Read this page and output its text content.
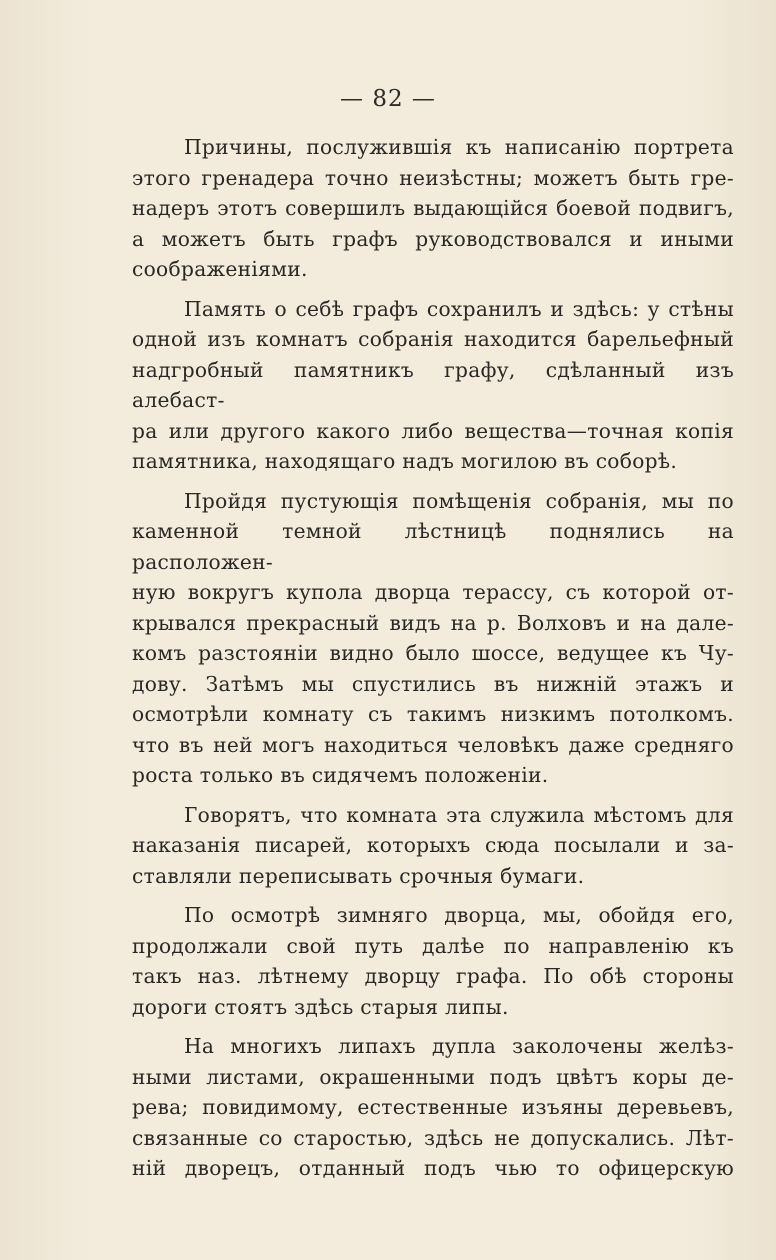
— 82 —

Причины, послужившія къ написанію портрета
этого гренадера точно неизѣстны; можетъ быть гре-
надеръ этотъ совершилъ выдающійся боевой подвигъ,
а можетъ быть графъ руководствовался и иными
соображеніями.

Память о себѣ графъ сохранилъ и здѣсь: у стѣны
одной изъ комнатъ собранія находится барельефный
надгробный памятникъ графу, сдѣланный изъ алебаст-
ра или другого какого либо вещества—точная копія
памятника, находящаго надъ могилою въ соборѣ.

Пройдя пустующія помѣщенія собранія, мы по
каменной темной лѣстницѣ поднялись на расположен-
ную вокругъ купола дворца терассу, съ которой от-
крывался прекрасный видъ на р. Волховъ и на дале-
комъ разстояніи видно было шоссе, ведущее къ Чу-
дову. Затѣмъ мы спустились въ нижній этажъ и
осмотрѣли комнату съ такимъ низкимъ потолкомъ.
что въ ней могъ находиться человѣкъ даже средняго
роста только въ сидячемъ положеніи.

Говорятъ, что комната эта служила мѣстомъ для
наказанія писарей, которыхъ сюда посылали и за-
ставляли переписывать срочныя бумаги.

По осмотрѣ зимняго дворца, мы, обойдя его,
продолжали свой путь далѣе по направленію къ
такъ наз. лѣтнему дворцу графа. По обѣ стороны
дороги стоятъ здѣсь старыя липы.

На многихъ липахъ дупла заколочены желѣз-
ными листами, окрашенными подъ цвѣтъ коры де-
рева; повидимому, естественные изъяны деревьевъ,
связанные со старостью, здѣсь не допускались. Лѣт-
ній дворецъ, отданный подъ чью то офицерскую
